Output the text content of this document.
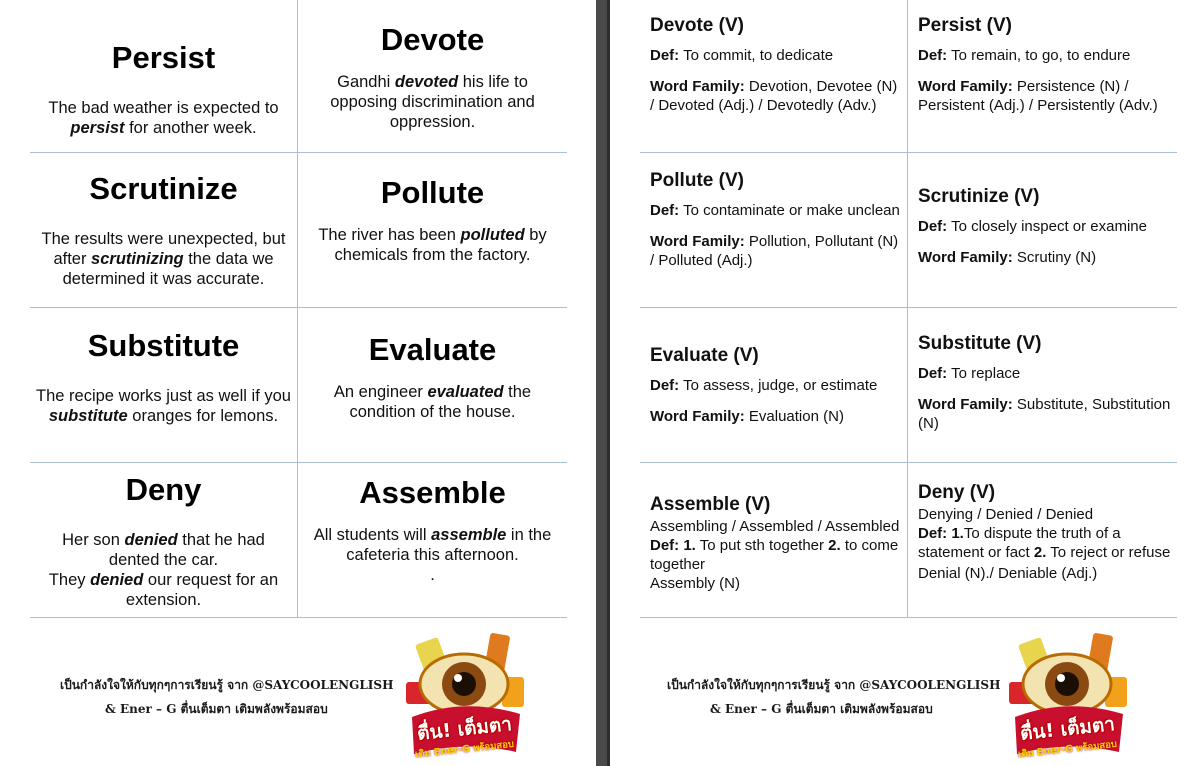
Persist
The bad weather is expected to persist for another week.
Devote
Gandhi devoted his life to opposing discrimination and oppression.
Scrutinize
The results were unexpected, but after scrutinizing the data we determined it was accurate.
Pollute
The river has been polluted by chemicals from the factory.
Substitute
The recipe works just as well if you substitute oranges for lemons.
Evaluate
An engineer evaluated the condition of the house.
Deny
Her son denied that he had dented the car.
They denied our request for an extension.
Assemble
All students will assemble in the cafeteria this afternoon.
.
เป็นกำลังใจให้กับทุกๆการเรียนรู้ จาก @SAYCOOLENGLISH
& Ener – G ตื่นเต็มตา เติมพลังพร้อมสอบ
ตื่น! เต็มตา
เติม Ener-G พร้อมสอบ
Devote (V)
Def: To commit, to dedicate
Word Family: Devotion, Devotee (N) / Devoted (Adj.) / Devotedly (Adv.)
Persist (V)
Def: To remain, to go, to endure
Word Family: Persistence (N) / Persistent (Adj.) / Persistently (Adv.)
Pollute (V)
Def: To contaminate or make unclean
Word Family: Pollution, Pollutant (N) / Polluted (Adj.)
Scrutinize (V)
Def: To closely inspect or examine
Word Family: Scrutiny (N)
Evaluate (V)
Def: To assess, judge, or estimate
Word Family: Evaluation (N)
Substitute (V)
Def: To replace
Word Family: Substitute, Substitution (N)
Assemble (V)
Assembling / Assembled / Assembled
Def: 1. To put sth together 2. to come together
Assembly (N)
Deny (V)
Denying / Denied / Denied
Def: 1.To dispute the truth of a statement or fact 2. To reject or refuse
Denial (N)./ Deniable (Adj.)
เป็นกำลังใจให้กับทุกๆการเรียนรู้ จาก @SAYCOOLENGLISH
& Ener – G ตื่นเต็มตา เติมพลังพร้อมสอบ
ตื่น! เต็มตา
เติม Ener-G พร้อมสอบ
